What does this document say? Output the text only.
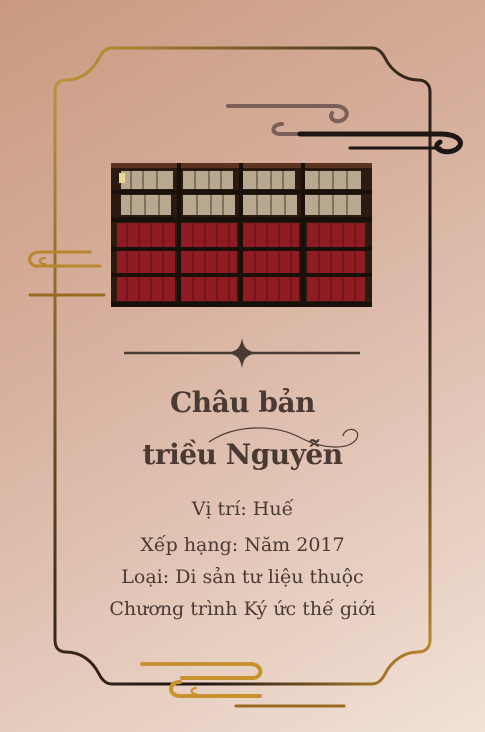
Châu bản
triều Nguyễn
Vị trí: Huế
Xếp hạng: Năm 2017
Loại: Di sản tư liệu thuộc
Chương trình Ký ức thế giới
